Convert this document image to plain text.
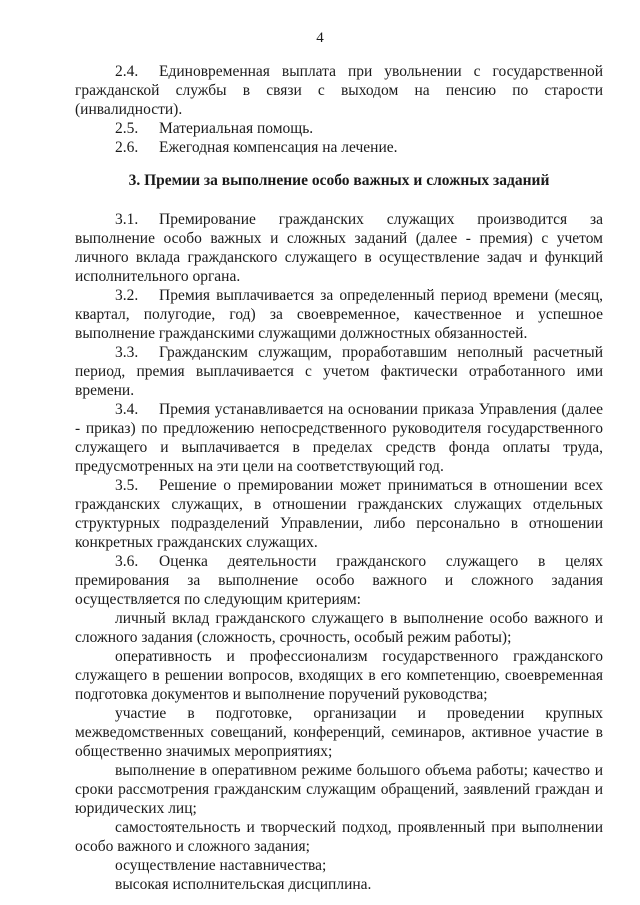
4

2.4. Единовременная выплата при увольнении с государственной гражданской службы в связи с выходом на пенсию по старости (инвалидности).

2.5. Материальная помощь.

2.6. Ежегодная компенсация на лечение.

3. Премии за выполнение особо важных и сложных заданий

3.1. Премирование гражданских служащих производится за выполнение особо важных и сложных заданий (далее - премия) с учетом личного вклада гражданского служащего в осуществление задач и функций исполнительного органа.

3.2. Премия выплачивается за определенный период времени (месяц, квартал, полугодие, год) за своевременное, качественное и успешное выполнение гражданскими служащими должностных обязанностей.

3.3. Гражданским служащим, проработавшим неполный расчетный период, премия выплачивается с учетом фактически отработанного ими времени.

3.4. Премия устанавливается на основании приказа Управления (далее - приказ) по предложению непосредственного руководителя государственного служащего и выплачивается в пределах средств фонда оплаты труда, предусмотренных на эти цели на соответствующий год.

3.5. Решение о премировании может приниматься в отношении всех гражданских служащих, в отношении гражданских служащих отдельных структурных подразделений Управлении, либо персонально в отношении конкретных гражданских служащих.

3.6. Оценка деятельности гражданского служащего в целях премирования за выполнение особо важного и сложного задания осуществляется по следующим критериям:

личный вклад гражданского служащего в выполнение особо важного и сложного задания (сложность, срочность, особый режим работы);

оперативность и профессионализм государственного гражданского служащего в решении вопросов, входящих в его компетенцию, своевременная подготовка документов и выполнение поручений руководства;

участие в подготовке, организации и проведении крупных межведомственных совещаний, конференций, семинаров, активное участие в общественно значимых мероприятиях;

выполнение в оперативном режиме большого объема работы; качество и сроки рассмотрения гражданским служащим обращений, заявлений граждан и юридических лиц;

самостоятельность и творческий подход, проявленный при выполнении особо важного и сложного задания;

осуществление наставничества;

высокая исполнительская дисциплина.
